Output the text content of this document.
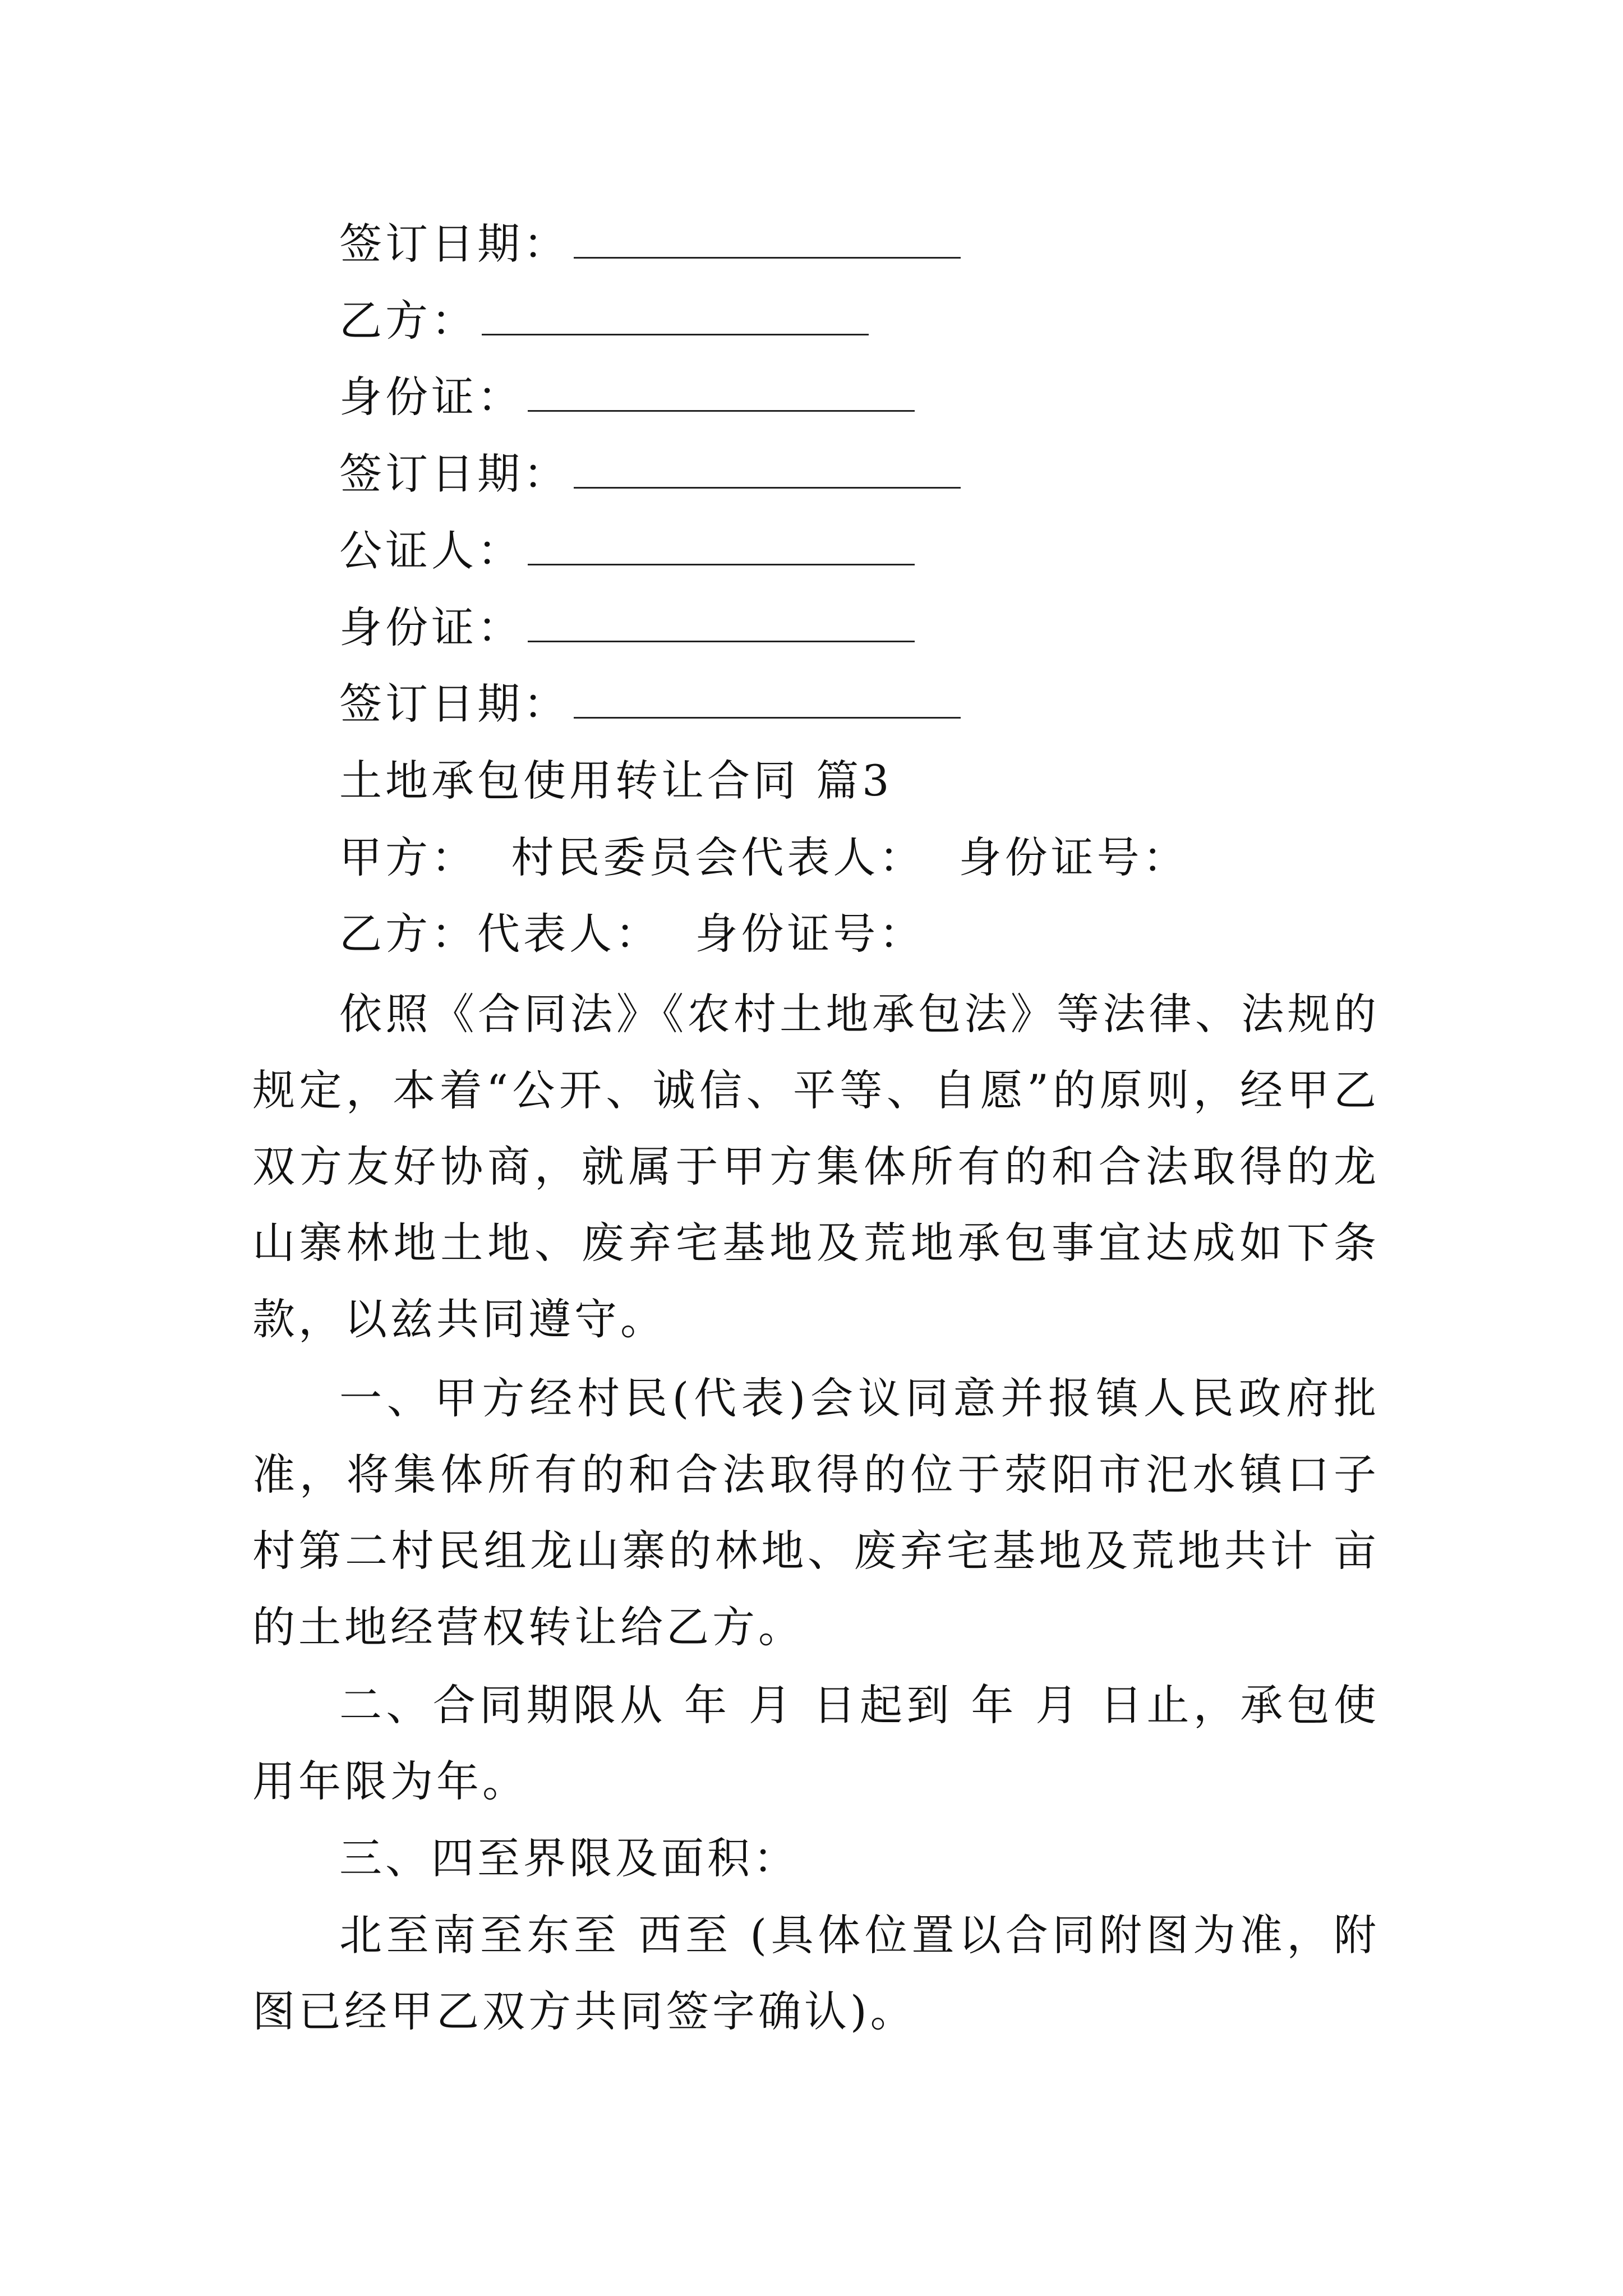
签订日期：
乙方：
身份证：
签订日期：
公证人：
身份证：
签订日期：
土地承包使用转让合同 篇3
甲方：  村民委员会代表人：  身份证号：
乙方：代表人：  身份证号：
依照《合同法》《农村土地承包法》等法律、法规的规定，本着“公开、诚信、平等、自愿”的原则，经甲乙双方友好协商，就属于甲方集体所有的和合法取得的龙山寨林地土地、废弃宅基地及荒地承包事宜达成如下条款，以兹共同遵守。
一、甲方经村民(代表)会议同意并报镇人民政府批准，将集体所有的和合法取得的位于荥阳市汜水镇口子村第二村民组龙山寨的林地、废弃宅基地及荒地共计 亩的土地经营权转让给乙方。
二、合同期限从 年 月 日起到 年 月 日止，承包使用年限为年。
三、四至界限及面积：
北至南至东至 西至 (具体位置以合同附图为准，附图已经甲乙双方共同签字确认)。
